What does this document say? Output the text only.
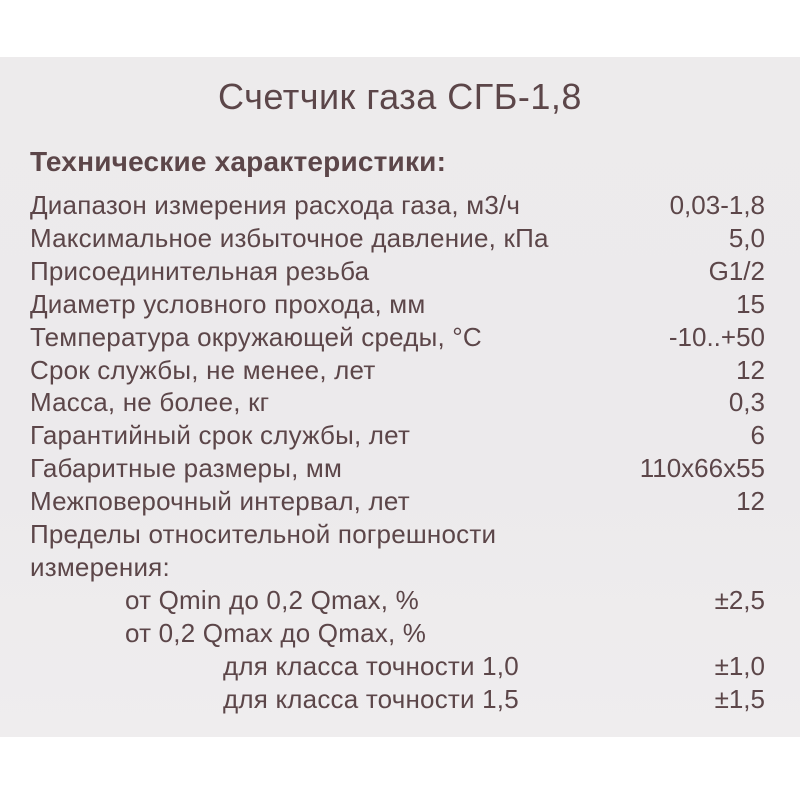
Счетчик газа СГБ-1,8
Технические характеристики:
Диапазон измерения расхода газа, м3/ч	0,03-1,8
Максимальное избыточное давление, кПа	5,0
Присоединительная резьба	G1/2
Диаметр условного прохода, мм	15
Температура окружающей среды, °С	-10..+50
Срок службы, не менее, лет	12
Масса, не более, кг	0,3
Гарантийный срок службы, лет	6
Габаритные размеры, мм	110x66x55
Межповерочный интервал, лет	12
Пределы относительной погрешности измерения:
от Qmin до 0,2 Qmax, %	±2,5
от 0,2 Qmax до Qmax, %
для класса точности 1,0	±1,0
для класса точности 1,5	±1,5
